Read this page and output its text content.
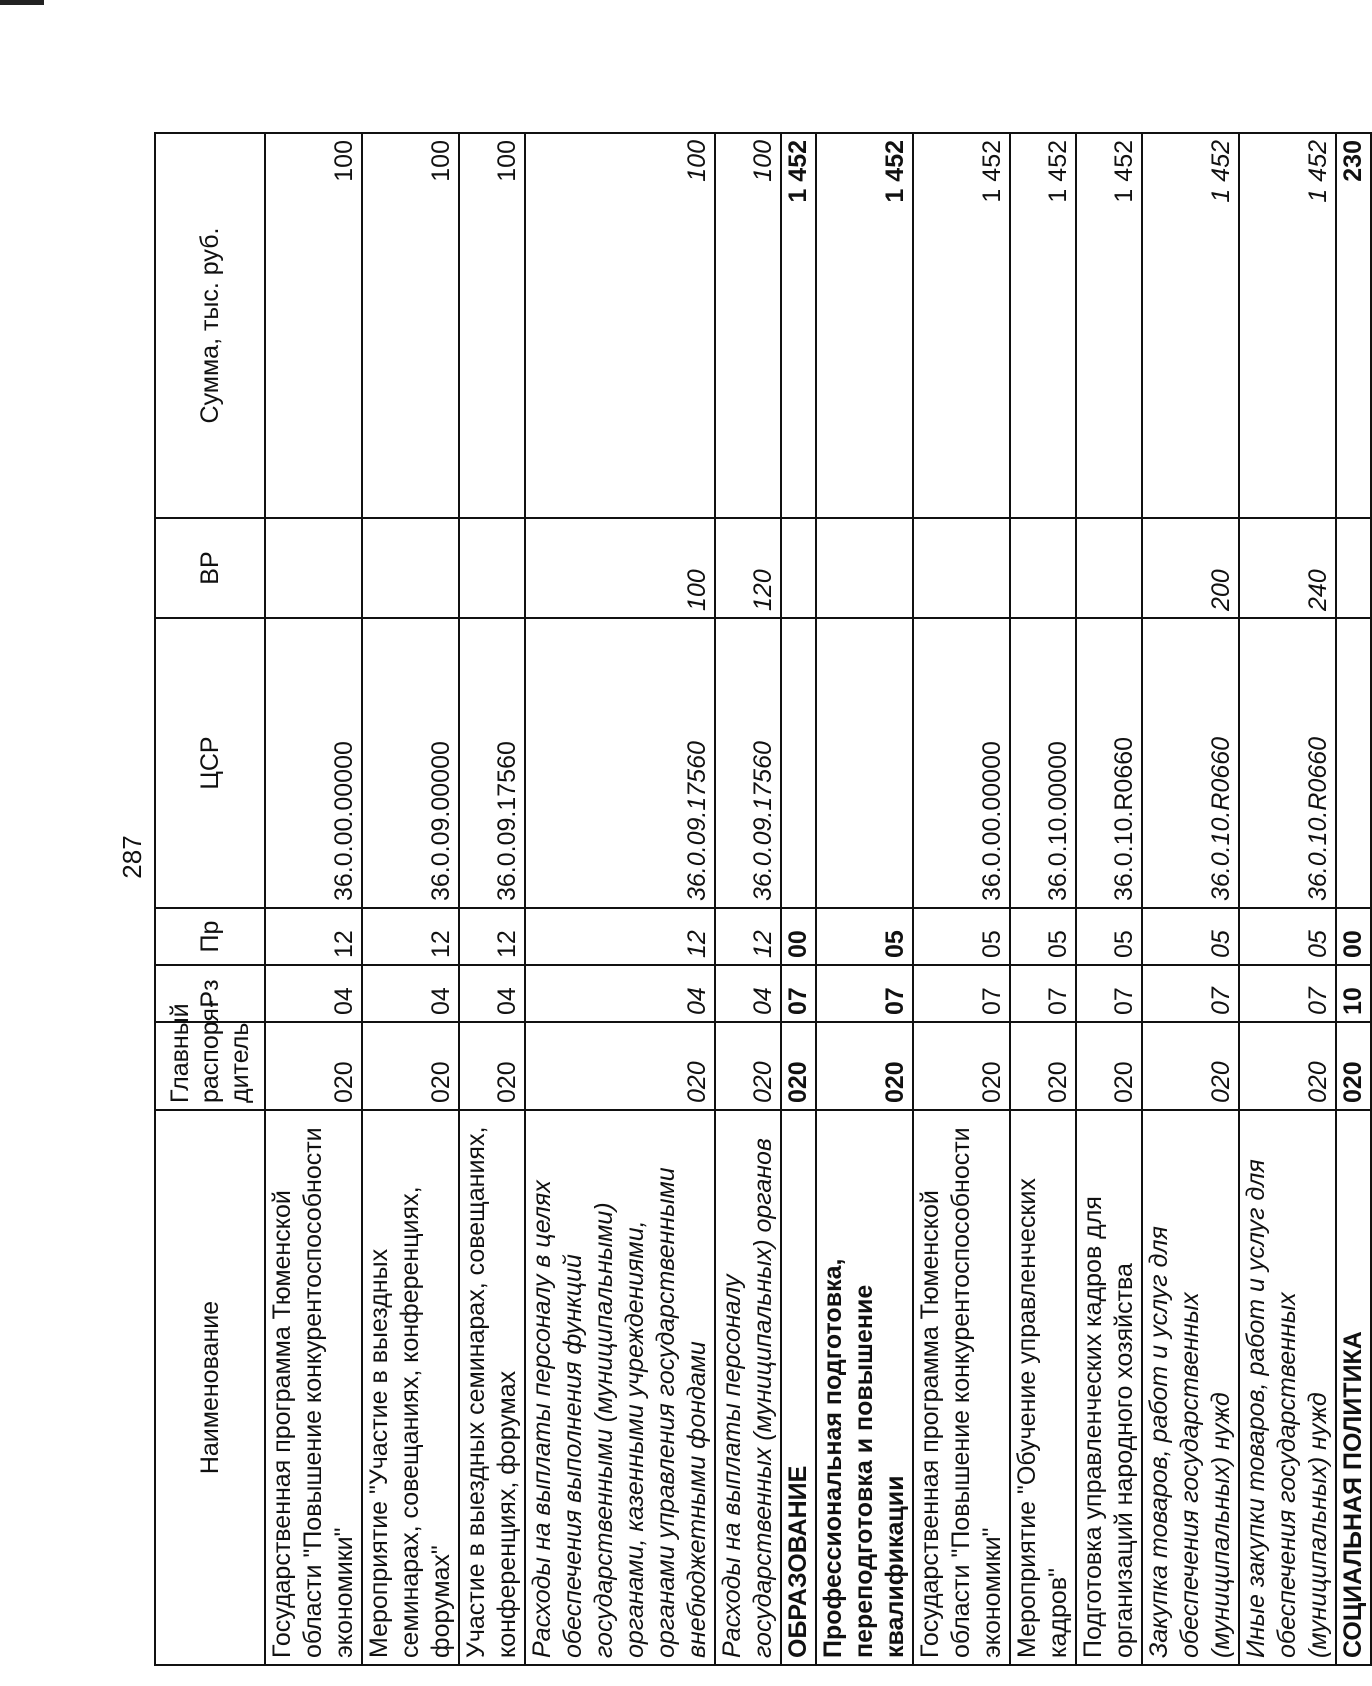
287
Наименование	Главный распоря-дитель	Рз	Пр	ЦСР	ВР	Сумма, тыс. руб.
Государственная программа Тюменской области "Повышение конкурентоспособности экономики"	020	04	12	36.0.00.00000		100
Мероприятие "Участие в выездных семинарах, совещаниях, конференциях, форумах"	020	04	12	36.0.09.00000		100
Участие в выездных семинарах, совещаниях, конференциях, форумах	020	04	12	36.0.09.17560		100
Расходы на выплаты персоналу в целях обеспечения выполнения функций государственными (муниципальными) органами, казенными учреждениями, органами управления государственными внебюджетными фондами	020	04	12	36.0.09.17560	100	100
Расходы на выплаты персоналу государственных (муниципальных) органов	020	04	12	36.0.09.17560	120	100
ОБРАЗОВАНИЕ	020	07	00			1 452
Профессиональная подготовка, переподготовка и повышение квалификации	020	07	05			1 452
Государственная программа Тюменской области "Повышение конкурентоспособности экономики"	020	07	05	36.0.00.00000		1 452
Мероприятие "Обучение управленческих кадров"	020	07	05	36.0.10.00000		1 452
Подготовка управленческих кадров для организаций народного хозяйства	020	07	05	36.0.10.R0660		1 452
Закупка товаров, работ и услуг для обеспечения государственных (муниципальных) нужд	020	07	05	36.0.10.R0660	200	1 452
Иные закупки товаров, работ и услуг для обеспечения государственных (муниципальных) нужд	020	07	05	36.0.10.R0660	240	1 452
СОЦИАЛЬНАЯ ПОЛИТИКА	020	10	00			230
